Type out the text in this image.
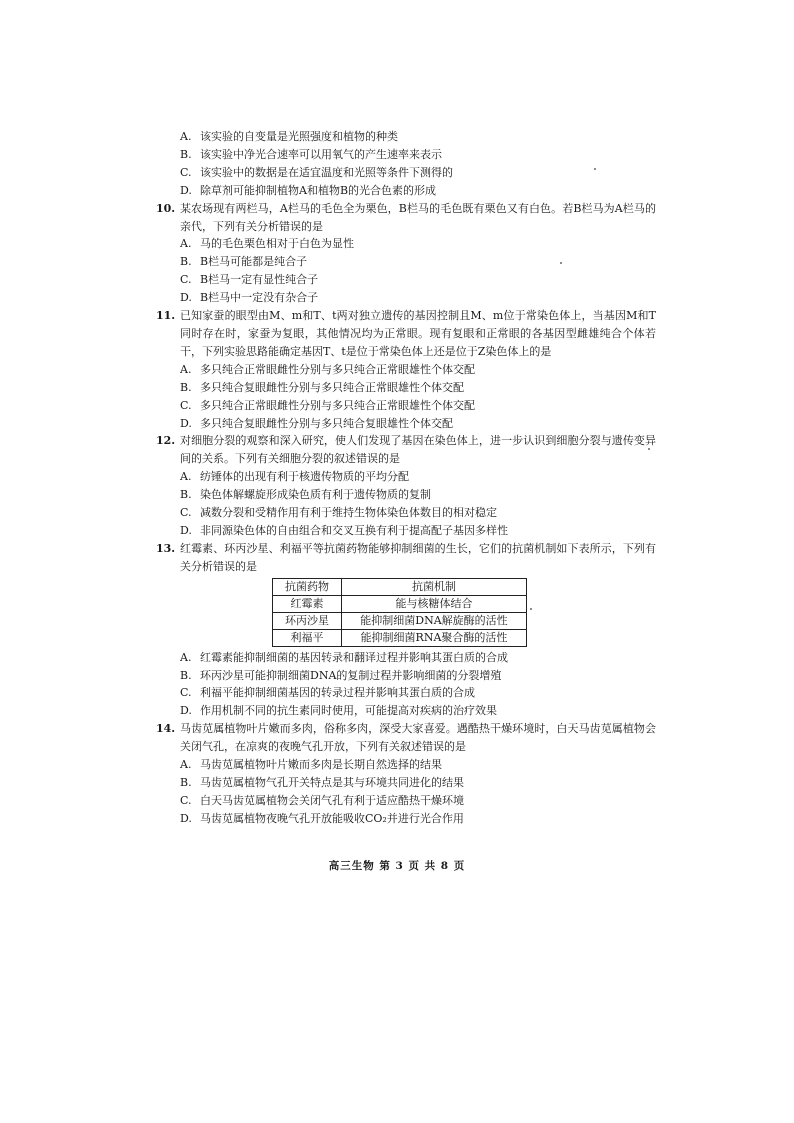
A. 该实验的自变量是光照强度和植物的种类
B. 该实验中净光合速率可以用氧气的产生速率来表示
C. 该实验中的数据是在适宜温度和光照等条件下测得的
D. 除草剂可能抑制植物A和植物B的光合色素的形成
10. 某农场现有两栏马，A栏马的毛色全为栗色，B栏马的毛色既有栗色又有白色。若B栏马为A栏马的亲代，下列有关分析错误的是
A. 马的毛色栗色相对于白色为显性
B. B栏马可能都是纯合子
C. B栏马一定有显性纯合子
D. B栏马中一定没有杂合子
11. 已知家蚕的眼型由M、m和T、t两对独立遗传的基因控制且M、m位于常染色体上，当基因M和T同时存在时，家蚕为复眼，其他情况均为正常眼。现有复眼和正常眼的各基因型雌雄纯合个体若干，下列实验思路能确定基因T、t是位于常染色体上还是位于Z染色体上的是
A. 多只纯合正常眼雌性分别与多只纯合正常眼雄性个体交配
B. 多只纯合复眼雌性分别与多只纯合正常眼雄性个体交配
C. 多只纯合正常眼雌性分别与多只纯合正常眼雄性个体交配
D. 多只纯合复眼雌性分别与多只纯合复眼雄性个体交配
12. 对细胞分裂的观察和深入研究，使人们发现了基因在染色体上，进一步认识到细胞分裂与遗传变异间的关系。下列有关细胞分裂的叙述错误的是
A. 纺锤体的出现有利于核遗传物质的平均分配
B. 染色体解螺旋形成染色质有利于遗传物质的复制
C. 减数分裂和受精作用有利于维持生物体染色体数目的相对稳定
D. 非同源染色体的自由组合和交叉互换有利于提高配子基因多样性
13. 红霉素、环丙沙星、利福平等抗菌药物能够抑制细菌的生长，它们的抗菌机制如下表所示，下列有关分析错误的是
抗菌药物	抗菌机制
红霉素	能与核糖体结合
环丙沙星	能抑制细菌DNA解旋酶的活性
利福平	能抑制细菌RNA聚合酶的活性
A. 红霉素能抑制细菌的基因转录和翻译过程并影响其蛋白质的合成
B. 环丙沙星可能抑制细菌DNA的复制过程并影响细菌的分裂增殖
C. 利福平能抑制细菌基因的转录过程并影响其蛋白质的合成
D. 作用机制不同的抗生素同时使用，可能提高对疾病的治疗效果
14. 马齿苋属植物叶片嫩而多肉，俗称多肉，深受大家喜爱。遇酷热干燥环境时，白天马齿苋属植物会关闭气孔，在凉爽的夜晚气孔开放，下列有关叙述错误的是
A. 马齿苋属植物叶片嫩而多肉是长期自然选择的结果
B. 马齿苋属植物气孔开关特点是其与环境共同进化的结果
C. 白天马齿苋属植物会关闭气孔有利于适应酷热干燥环境
D. 马齿苋属植物夜晚气孔开放能吸收CO₂并进行光合作用
高三生物 第 3 页 共 8 页
